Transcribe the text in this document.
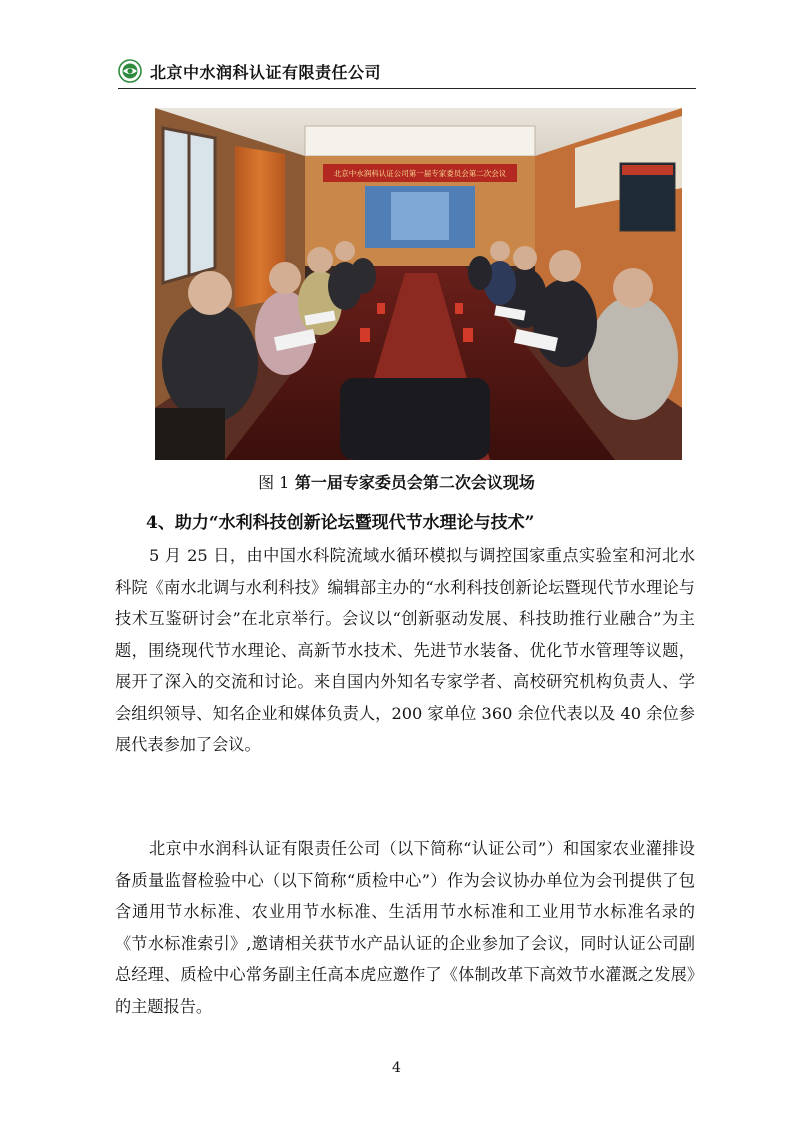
北京中水润科认证有限责任公司
北京中水润科认证公司第一届专家委员会第二次会议
图 1 第一届专家委员会第二次会议现场
4、助力“水利科技创新论坛暨现代节水理论与技术”

5 月 25 日，由中国水科院流域水循环模拟与调控国家重点实验室和河北水科院《南水北调与水利科技》编辑部主办的“水利科技创新论坛暨现代节水理论与技术互鉴研讨会”在北京举行。会议以“创新驱动发展、科技助推行业融合”为主题，围绕现代节水理论、高新节水技术、先进节水装备、优化节水管理等议题，展开了深入的交流和讨论。来自国内外知名专家学者、高校研究机构负责人、学会组织领导、知名企业和媒体负责人，200 家单位 360 余位代表以及 40 余位参展代表参加了会议。

北京中水润科认证有限责任公司（以下简称“认证公司”）和国家农业灌排设备质量监督检验中心（以下简称“质检中心”）作为会议协办单位为会刊提供了包含通用节水标准、农业用节水标准、生活用节水标准和工业用节水标准名录的《节水标准索引》,邀请相关获节水产品认证的企业参加了会议，同时认证公司副总经理、质检中心常务副主任高本虎应邀作了《体制改革下高效节水灌溉之发展》的主题报告。

4
